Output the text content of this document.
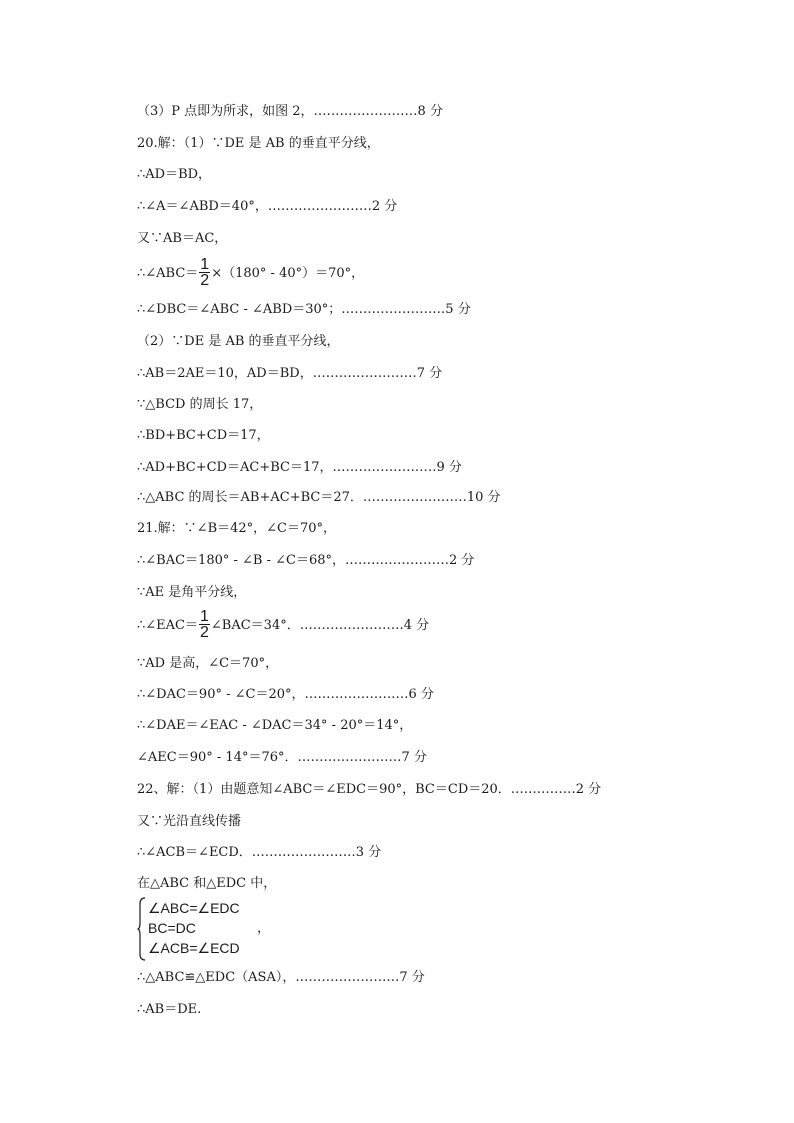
（3）P 点即为所求，如图 2，……………………8 分
20.解：（1）∵DE 是 AB 的垂直平分线，
∴AD＝BD，
∴∠A＝∠ABD＝40°，……………………2 分
又∵AB＝AC，
∴∠ABC＝ $\frac{1}{2} \times(180^\circ - 40^\circ)=70^\circ$，
∴∠DBC＝∠ABC - ∠ABD＝30°；……………………5 分
（2）∵DE 是 AB 的垂直平分线，
∴AB＝2AE＝10，AD＝BD，……………………7 分
∵△BCD 的周长 17，
∴BD+BC+CD＝17，
∴AD+BC+CD＝AC+BC＝17，……………………9 分
∴△ABC 的周长＝AB+AC+BC＝27．……………………10 分
21.解：∵∠B＝42°，∠C＝70°，
∴∠BAC＝180° - ∠B - ∠C＝68°，……………………2 分
∵AE 是角平分线，
∴∠EAC＝ $\frac{1}{2}$ ∠BAC＝34°．……………………4 分
∵AD 是高，∠C＝70°，
∴∠DAC＝90° - ∠C＝20°，……………………6 分
∴∠DAE＝∠EAC - ∠DAC＝34° - 20°＝14°，
∠AEC＝90° - 14°＝76°．……………………7 分
22、解：（1）由题意知∠ABC＝∠EDC＝90°，BC＝CD＝20．……………2 分
又∵光沿直线传播
∴∠ACB＝∠ECD．……………………3 分
在△ABC 和△EDC 中，
∠ABC=∠EDC
BC=DC
∠ACB=∠ECD
，
∴△ABC≌△EDC（ASA），……………………7 分
∴AB＝DE.
